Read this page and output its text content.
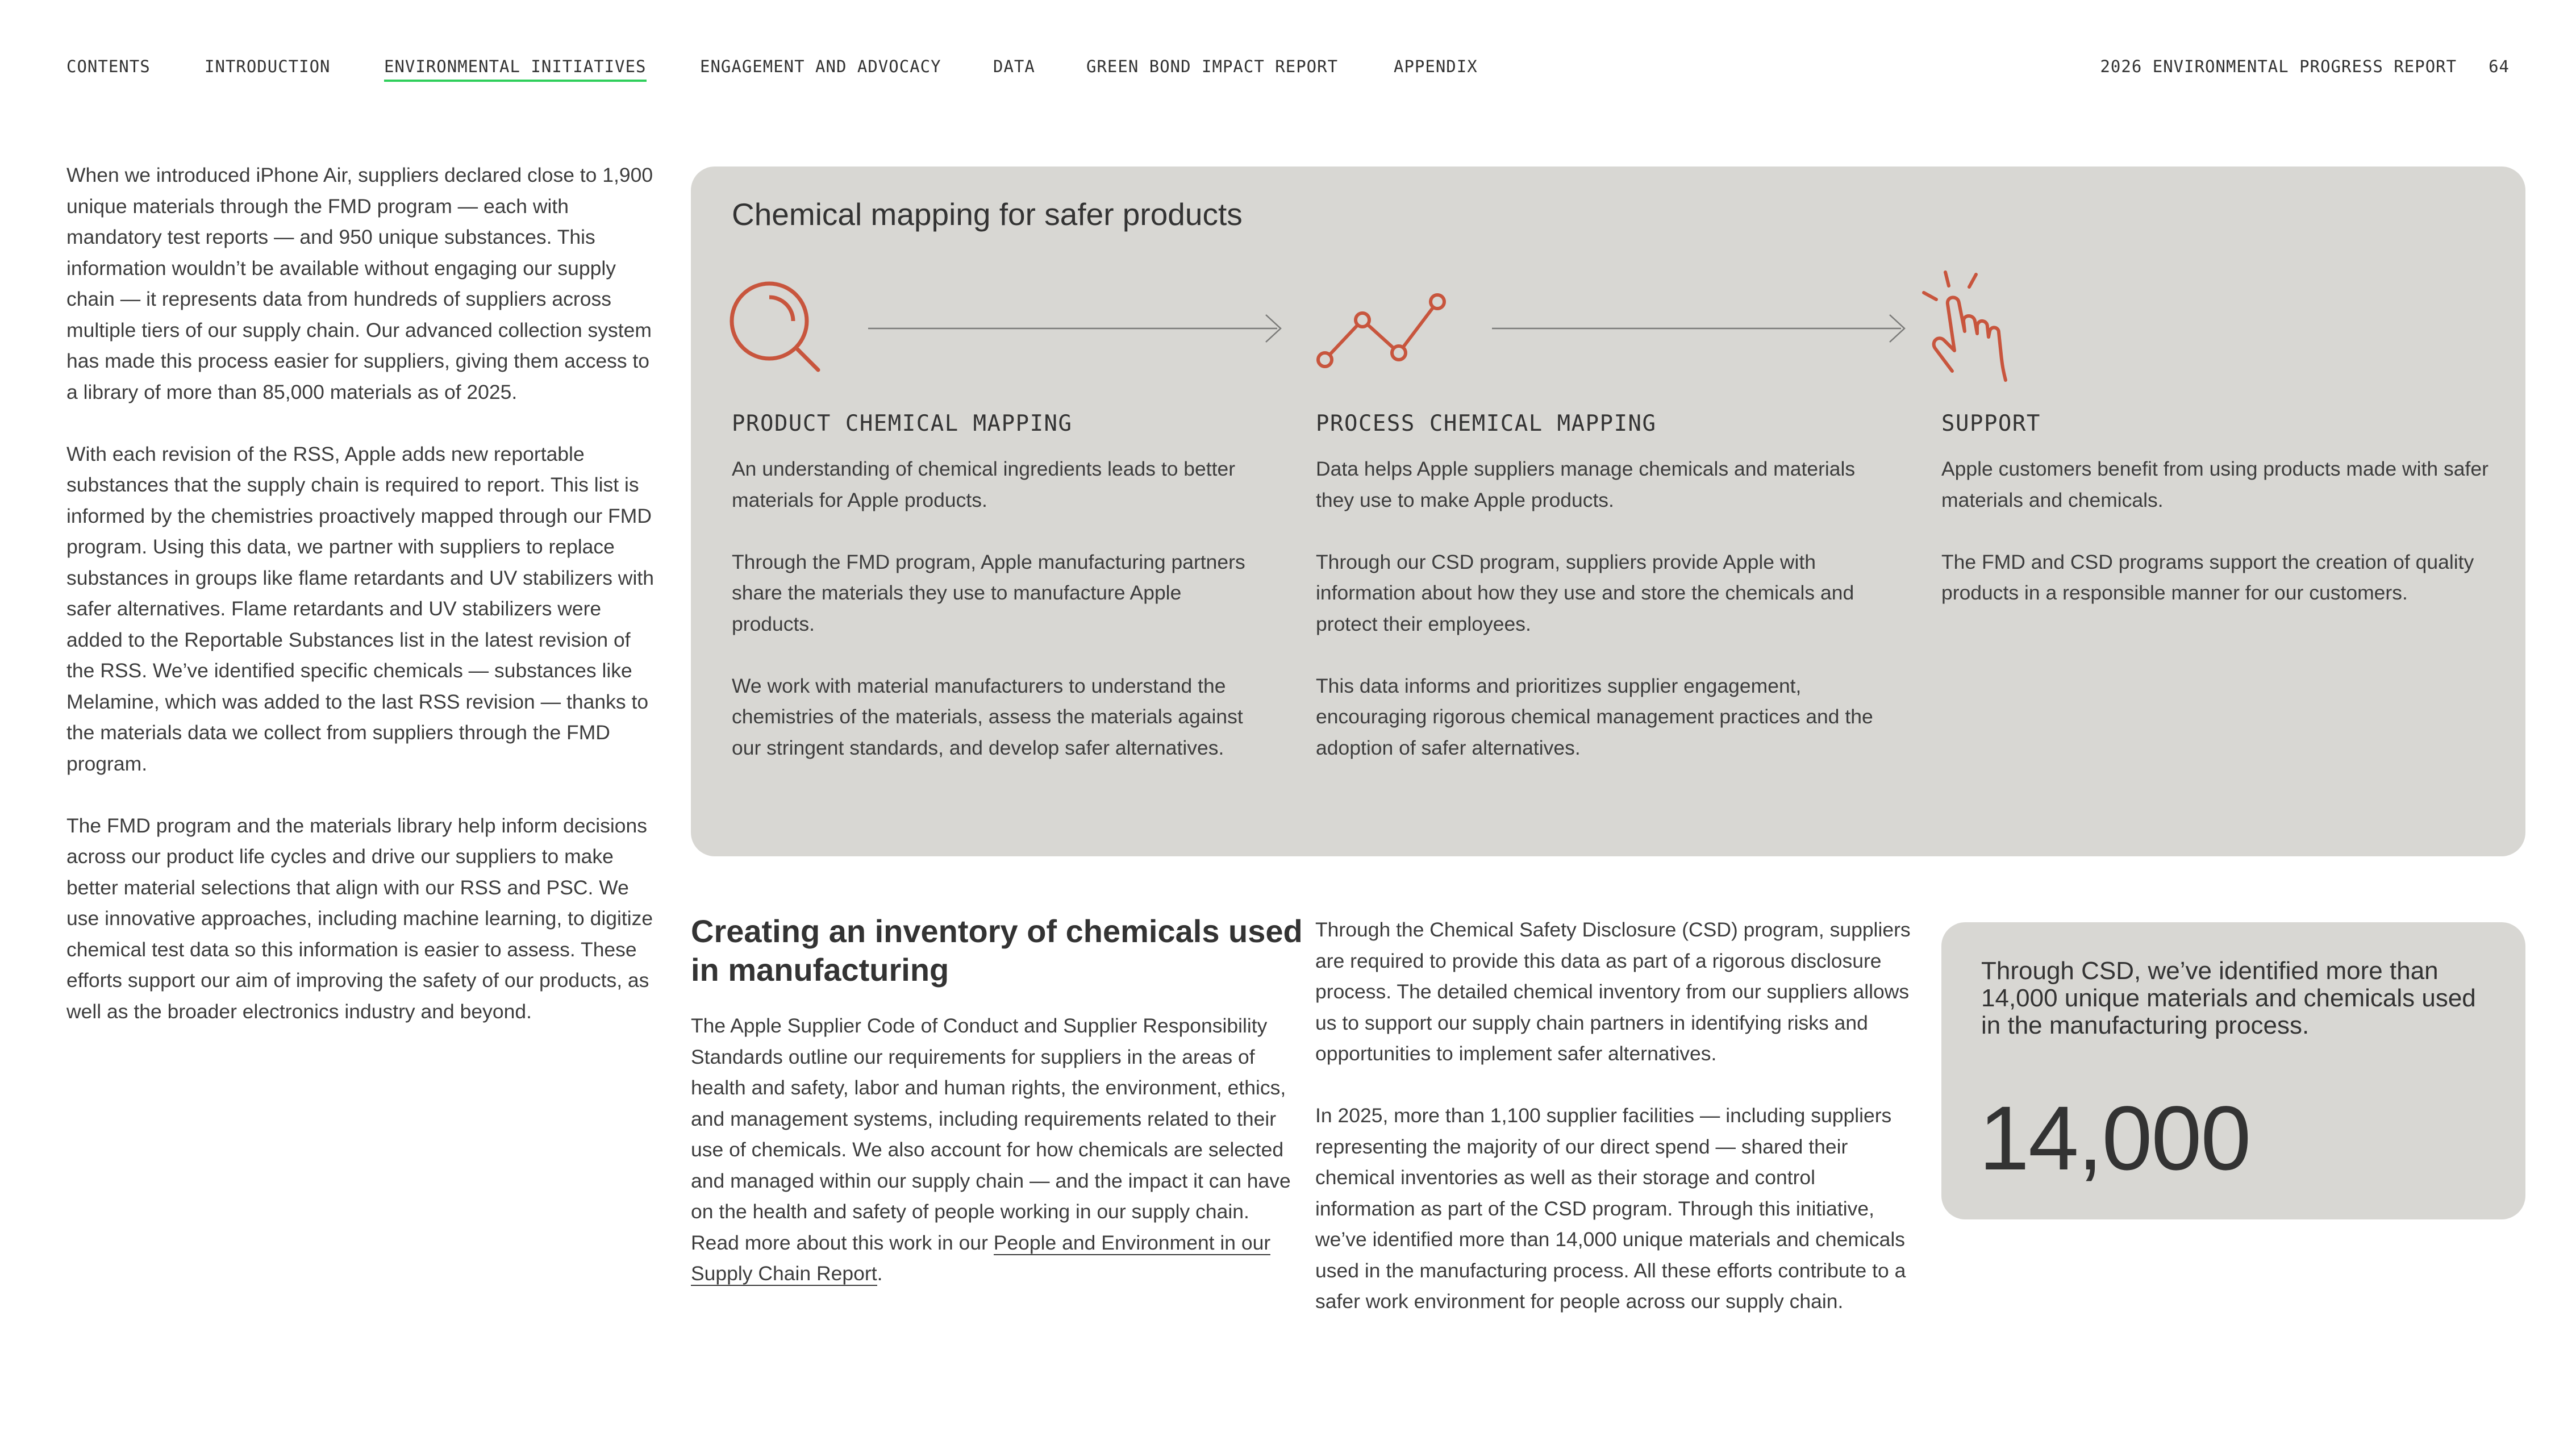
CONTENTS	INTRODUCTION	ENVIRONMENTAL INITIATIVES	ENGAGEMENT AND ADVOCACY	DATA	GREEN BOND IMPACT REPORT	APPENDIX	2026 ENVIRONMENTAL PROGRESS REPORT 64

When we introduced iPhone Air, suppliers declared close to 1,900 unique materials through the FMD program — each with mandatory test reports — and 950 unique substances. This information wouldn’t be available without engaging our supply chain — it represents data from hundreds of suppliers across multiple tiers of our supply chain. Our advanced collection system has made this process easier for suppliers, giving them access to a library of more than 85,000 materials as of 2025.

With each revision of the RSS, Apple adds new reportable substances that the supply chain is required to report. This list is informed by the chemistries proactively mapped through our FMD program. Using this data, we partner with suppliers to replace substances in groups like flame retardants and UV stabilizers with safer alternatives. Flame retardants and UV stabilizers were added to the Reportable Substances list in the latest revision of the RSS. We’ve identified specific chemicals — substances like Melamine, which was added to the last RSS revision — thanks to the materials data we collect from suppliers through the FMD program.

The FMD program and the materials library help inform decisions across our product life cycles and drive our suppliers to make better material selections that align with our RSS and PSC. We use innovative approaches, including machine learning, to digitize chemical test data so this information is easier to assess. These efforts support our aim of improving the safety of our products, as well as the broader electronics industry and beyond.

Chemical mapping for safer products

PRODUCT CHEMICAL MAPPING

An understanding of chemical ingredients leads to better materials for Apple products.

Through the FMD program, Apple manufacturing partners share the materials they use to manufacture Apple products.

We work with material manufacturers to understand the chemistries of the materials, assess the materials against our stringent standards, and develop safer alternatives.

PROCESS CHEMICAL MAPPING

Data helps Apple suppliers manage chemicals and materials they use to make Apple products.

Through our CSD program, suppliers provide Apple with information about how they use and store the chemicals and protect their employees.

This data informs and prioritizes supplier engagement, encouraging rigorous chemical management practices and the adoption of safer alternatives.

SUPPORT

Apple customers benefit from using products made with safer materials and chemicals.

The FMD and CSD programs support the creation of quality products in a responsible manner for our customers.

Creating an inventory of chemicals used in manufacturing

The Apple Supplier Code of Conduct and Supplier Responsibility Standards outline our requirements for suppliers in the areas of health and safety, labor and human rights, the environment, ethics, and management systems, including requirements related to their use of chemicals. We also account for how chemicals are selected and managed within our supply chain — and the impact it can have on the health and safety of people working in our supply chain. Read more about this work in our People and Environment in our Supply Chain Report.

Through the Chemical Safety Disclosure (CSD) program, suppliers are required to provide this data as part of a rigorous disclosure process. The detailed chemical inventory from our suppliers allows us to support our supply chain partners in identifying risks and opportunities to implement safer alternatives.

In 2025, more than 1,100 supplier facilities — including suppliers representing the majority of our direct spend — shared their chemical inventories as well as their storage and control information as part of the CSD program. Through this initiative, we’ve identified more than 14,000 unique materials and chemicals used in the manufacturing process. All these efforts contribute to a safer work environment for people across our supply chain.

Through CSD, we’ve identified more than 14,000 unique materials and chemicals used in the manufacturing process.

14,000
